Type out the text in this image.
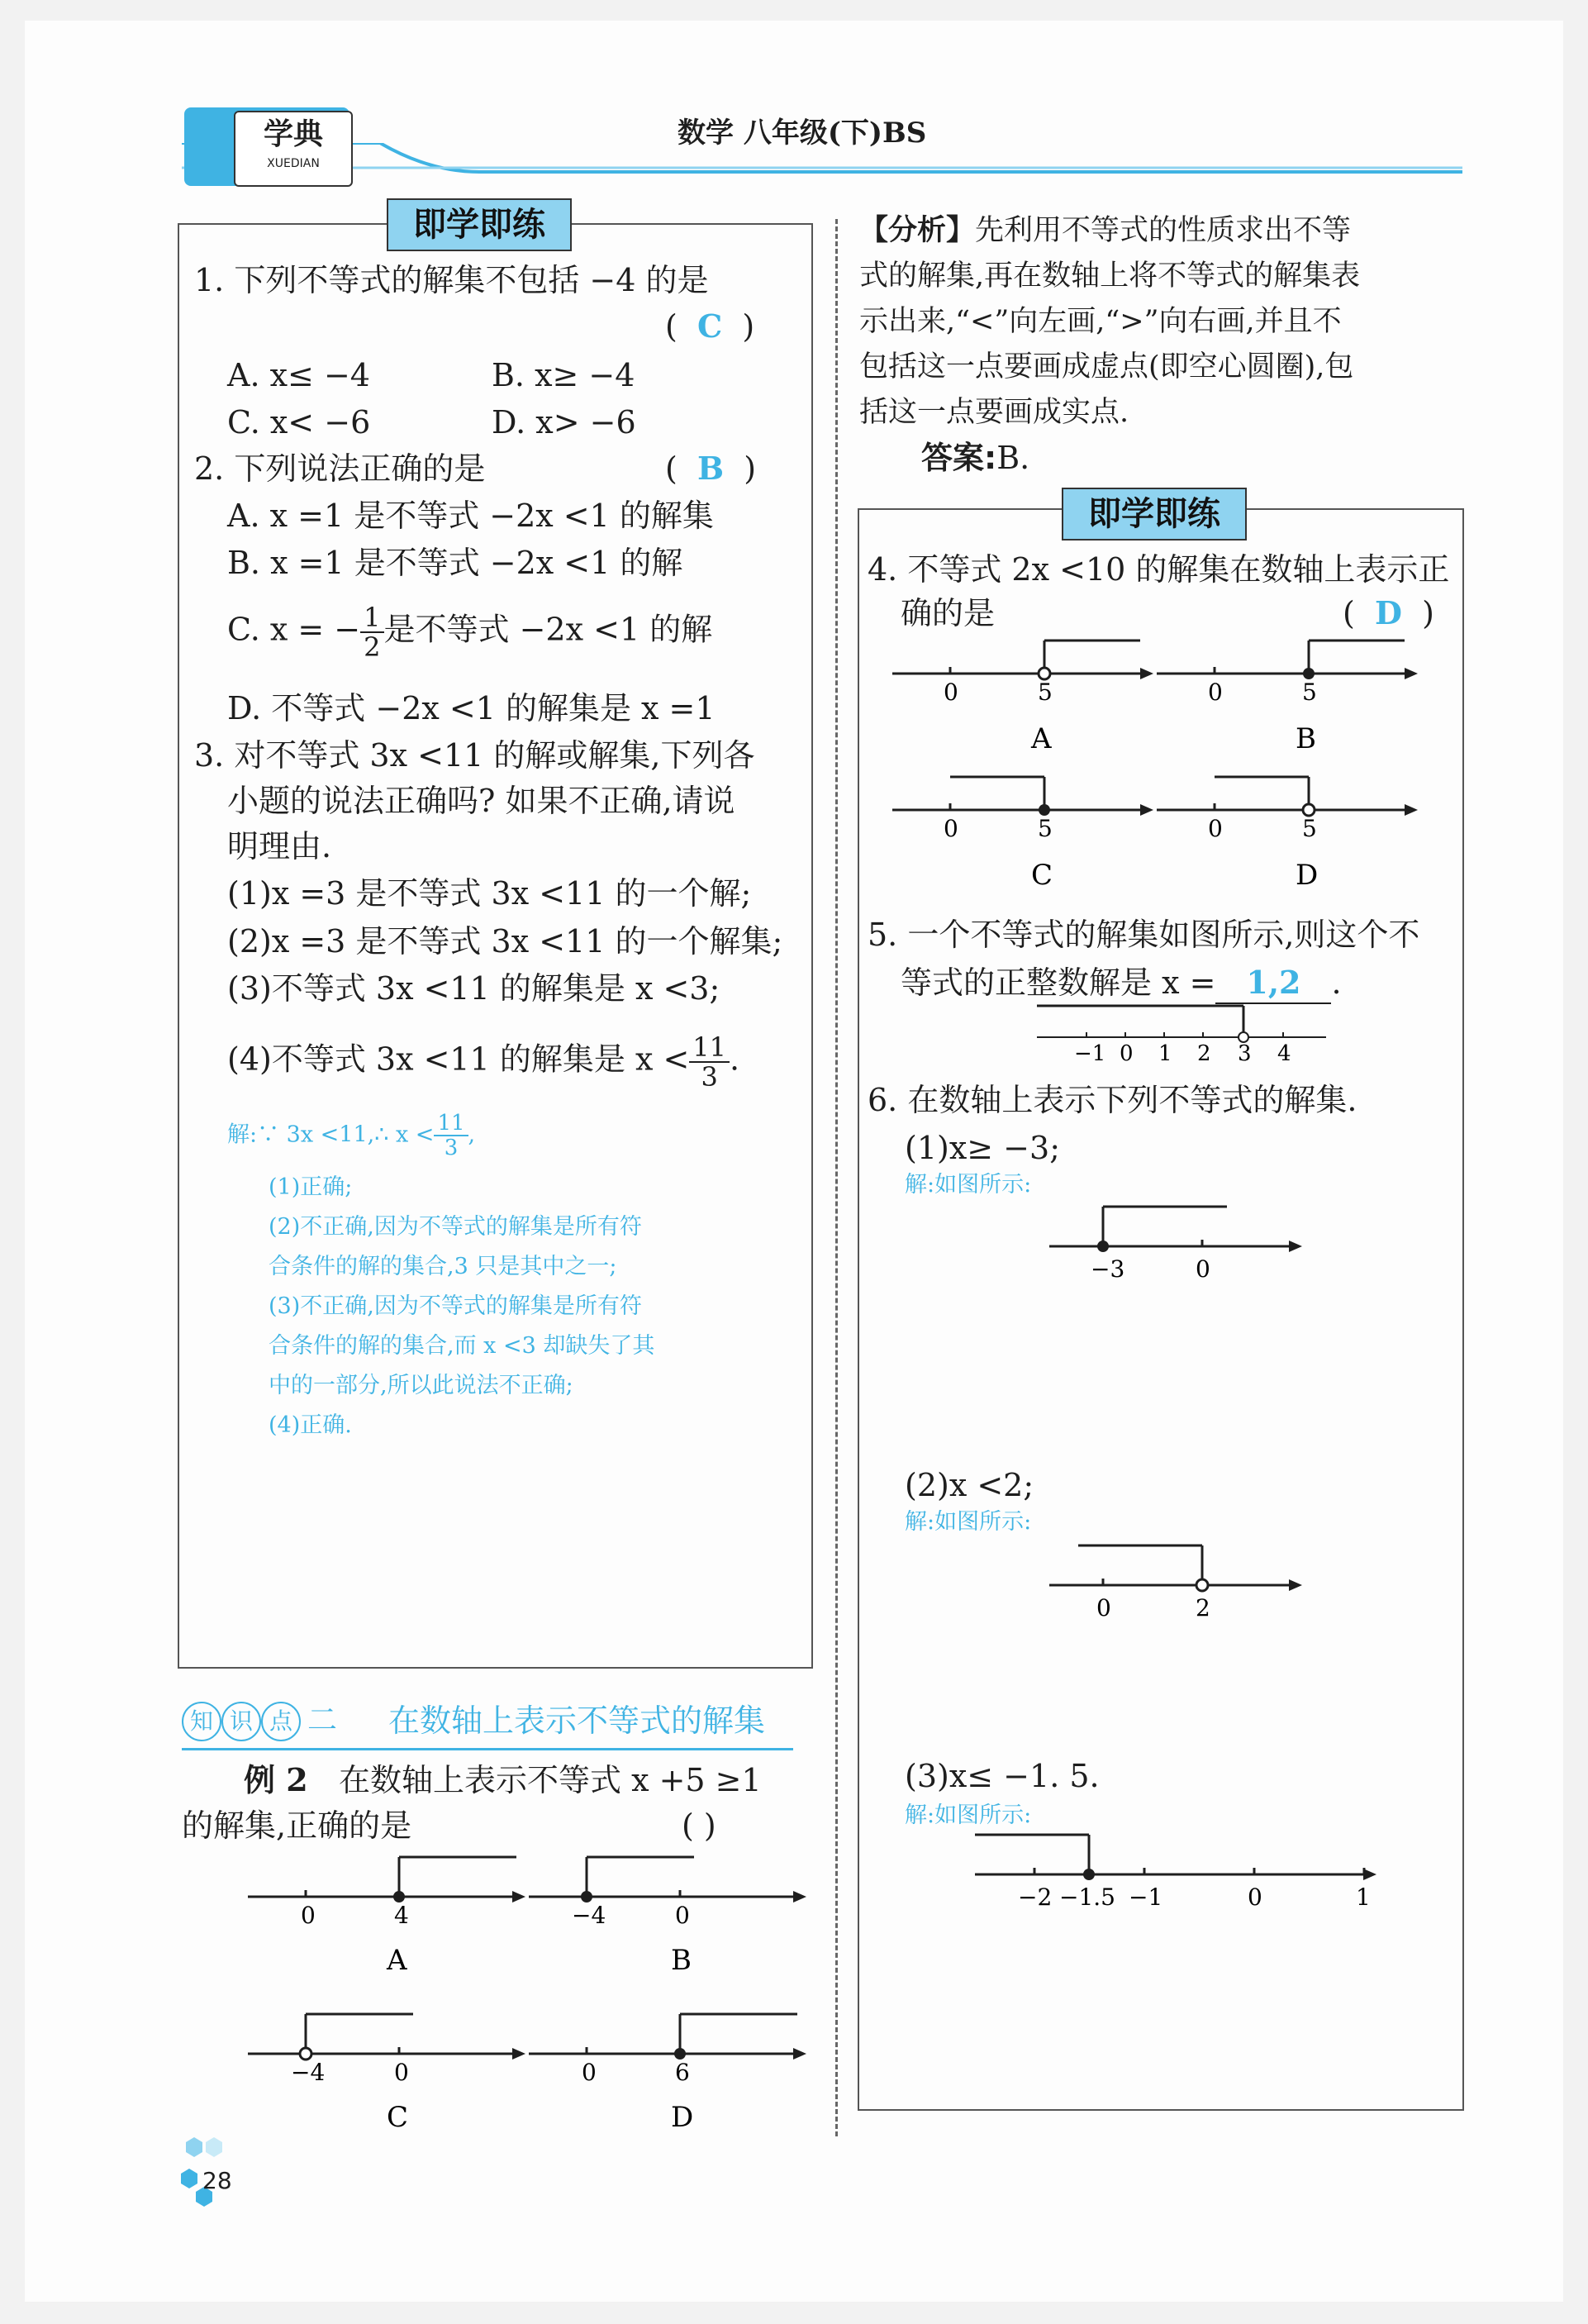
学典
XUEDIAN
数学 八年级(下)BS
即学即练
1. 下列不等式的解集不包括 −4 的是
(  C  )
A. x≤ −4	B. x≥ −4
C. x< −6	D. x> −6
2. 下列说法正确的是	(  B  )
A. x =1 是不等式 −2x <1 的解集
B. x =1 是不等式 −2x <1 的解
C. x = − $\frac{1}{2}$ 是不等式 −2x <1 的解
D. 不等式 −2x <1 的解集是 x =1
3. 对不等式 3x <11 的解或解集,下列各
小题的说法正确吗? 如果不正确,请说
明理由.
(1)x =3 是不等式 3x <11 的一个解;
(2)x =3 是不等式 3x <11 的一个解集;
(3)不等式 3x <11 的解集是 x <3;
(4)不等式 3x <11 的解集是 $x < \frac{11}{3}$ .
解:∵ 3x <11,∴ $x < \frac{11}{3}$ ,
(1)正确;
(2)不正确,因为不等式的解集是所有符
合条件的解的集合,3 只是其中之一;
(3)不正确,因为不等式的解集是所有符
合条件的解的集合,而 x <3 却缺失了其
中的一部分,所以此说法不正确;
(4)正确.
知 识 点 二 在数轴上表示不等式的解集
例 2 在数轴上表示不等式 x +5 ≥1
的解集,正确的是	( )
0	4
A
−4	0
B
−4	0
C
0	6
D
【分析】先利用不等式的性质求出不等
式的解集,再在数轴上将不等式的解集表
示出来,“<”向左画,“>”向右画,并且不
包括这一点要画成虚点(即空心圆圈),包
括这一点要画成实点.
答案:B.
即学即练
4. 不等式 2x <10 的解集在数轴上表示正
确的是	(  D  )
0	5
A
0	5
B
0	5
C
0	5
D
5. 一个不等式的解集如图所示,则这个不
等式的正整数解是 x = 1,2 .
−1 0 1 2 3 4
6. 在数轴上表示下列不等式的解集.
(1)x≥ −3;
解:如图所示:
−3	0
(2)x <2;
解:如图所示:
0	2
(3)x≤ −1. 5.
解:如图所示:
−2 −1.5 −1	0	1
28
